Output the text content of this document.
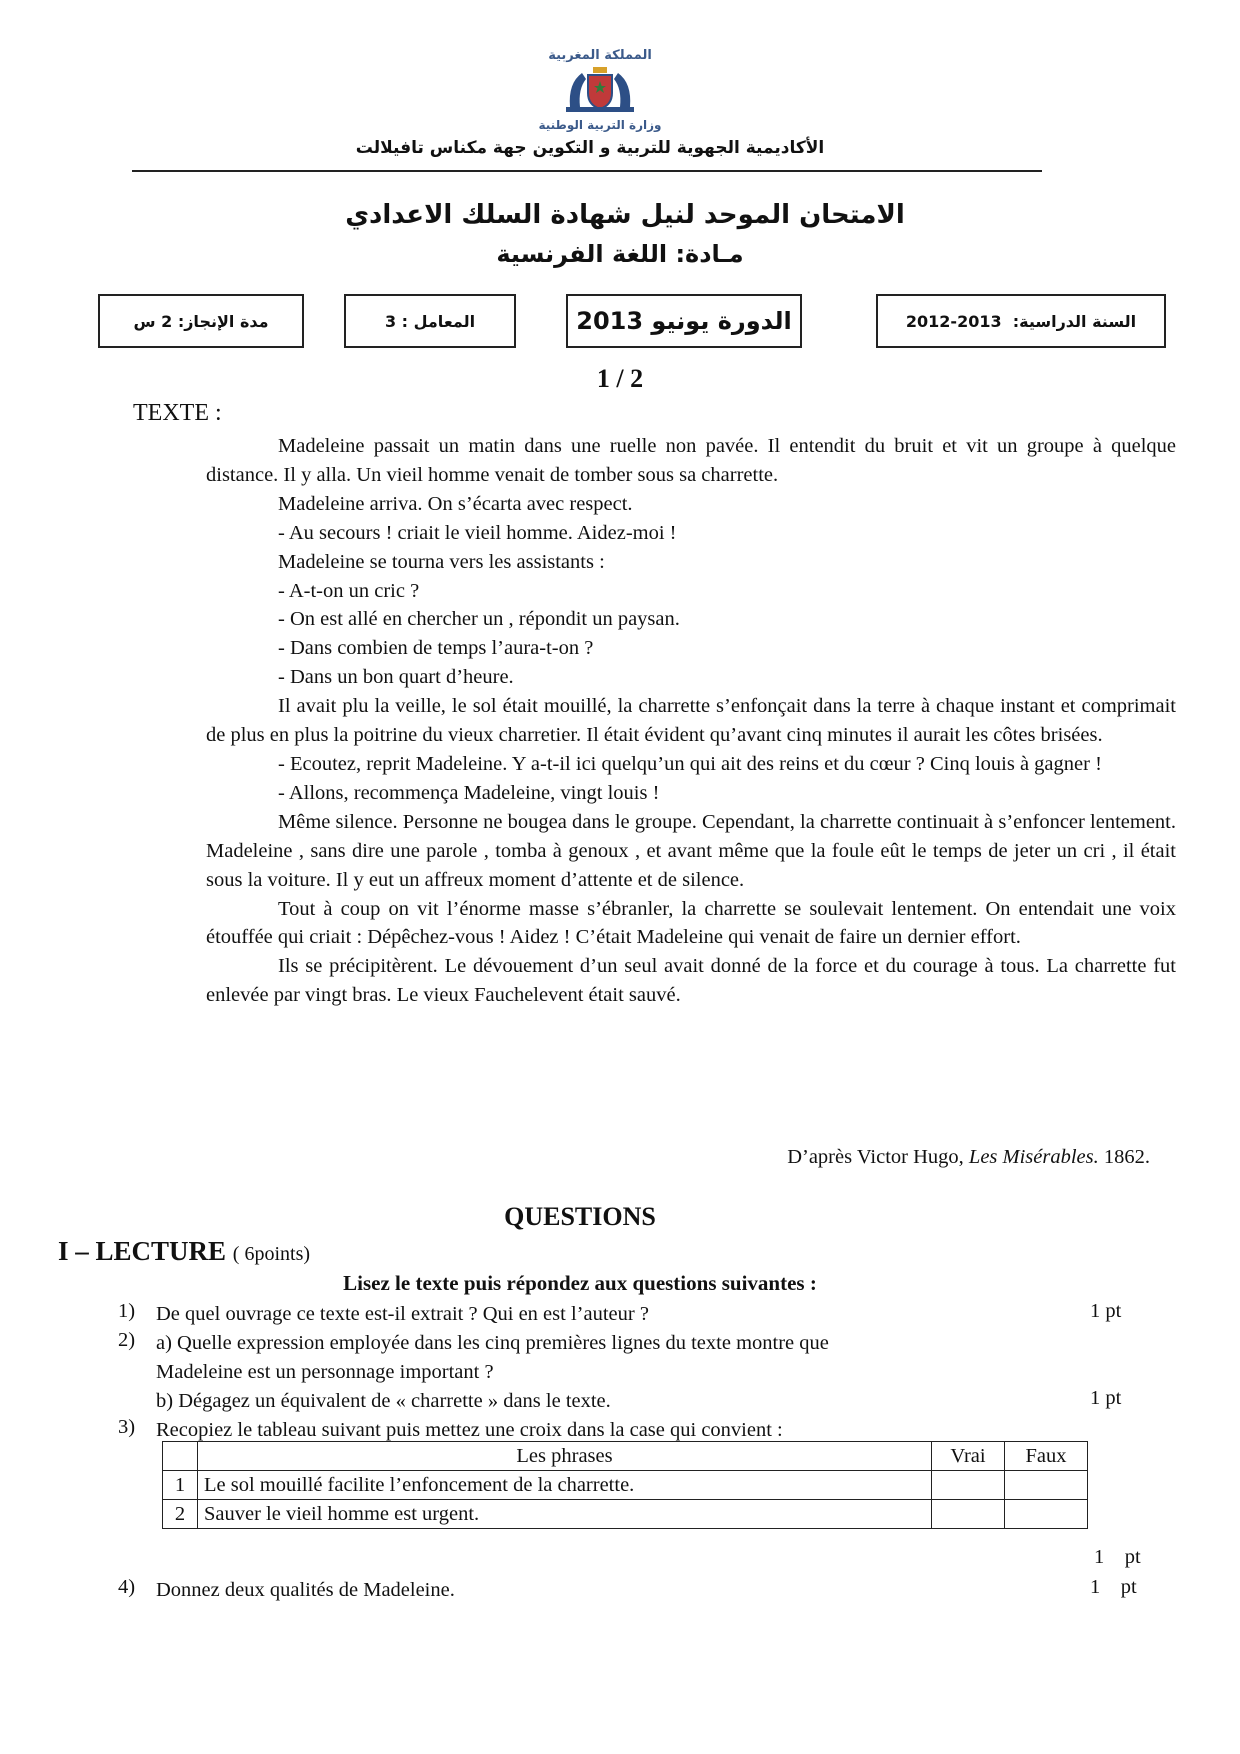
المملكة المغربية
وزارة التربية الوطنية
الأكاديمية الجهوية للتربية و التكوين جهة مكناس تافيلالت
الامتحان الموحد لنيل شهادة السلك الاعدادي
مـادة: اللغة الفرنسية
السنة الدراسية:

2012-2013
الدورة يونيو 2013
المعامل : 3
مدة الإنجاز: 2 س
1 / 2
TEXTE :

Madeleine passait un matin dans une ruelle non pavée. Il entendit du bruit et vit un groupe à quelque distance. Il y alla. Un vieil homme venait de tomber sous sa charrette.

Madeleine arriva. On s’écarta avec respect.

- Au secours ! criait le vieil homme. Aidez-moi !

Madeleine se tourna vers les assistants :

- A-t-on un cric ?

- On est allé en chercher un , répondit un paysan.

- Dans combien de temps l’aura-t-on ?

- Dans un bon quart d’heure.

Il avait plu la veille, le sol était mouillé, la charrette s’enfonçait dans la terre à chaque instant et comprimait de plus en plus la poitrine du vieux charretier. Il était évident qu’avant cinq minutes il aurait les côtes brisées.

- Ecoutez, reprit Madeleine. Y a-t-il ici quelqu’un qui ait des reins et du cœur ? Cinq louis à gagner !

- Allons, recommença Madeleine, vingt louis !

Même silence. Personne ne bougea dans le groupe. Cependant, la charrette continuait à s’enfoncer lentement. Madeleine , sans dire une parole , tomba à genoux , et avant même que la foule eût le temps de jeter un cri , il était sous la voiture. Il y eut un affreux moment d’attente et de silence.

Tout à coup on vit l’énorme masse s’ébranler, la charrette se soulevait lentement. On entendait une voix étouffée qui criait : Dépêchez-vous ! Aidez ! C’était Madeleine qui venait de faire un dernier effort.

Ils se précipitèrent. Le dévouement d’un seul avait donné de la force et du courage à tous. La charrette fut enlevée par vingt bras. Le vieux Fauchelevent était sauvé.

D’après Victor Hugo, Les Misérables. 1862.
QUESTIONS
I – LECTURE ( 6points)
Lisez le texte puis répondez aux questions suivantes :
1) De quel ouvrage ce texte est-il extrait ? Qui en est l’auteur ?	1 pt
2) a) Quelle expression employée dans les cinq premières lignes du texte montre que
Madeleine est un personnage important ?
b) Dégagez un équivalent de « charrette » dans le texte.	1 pt
3) Recopiez le tableau suivant puis mettez une croix dans la case qui convient :
	Les phrases	Vrai	Faux
1	Le sol mouillé facilite l’enfoncement de la charrette.		
2	Sauver le vieil homme est urgent.		
1    pt
4) Donnez deux qualités de Madeleine.	1    pt
